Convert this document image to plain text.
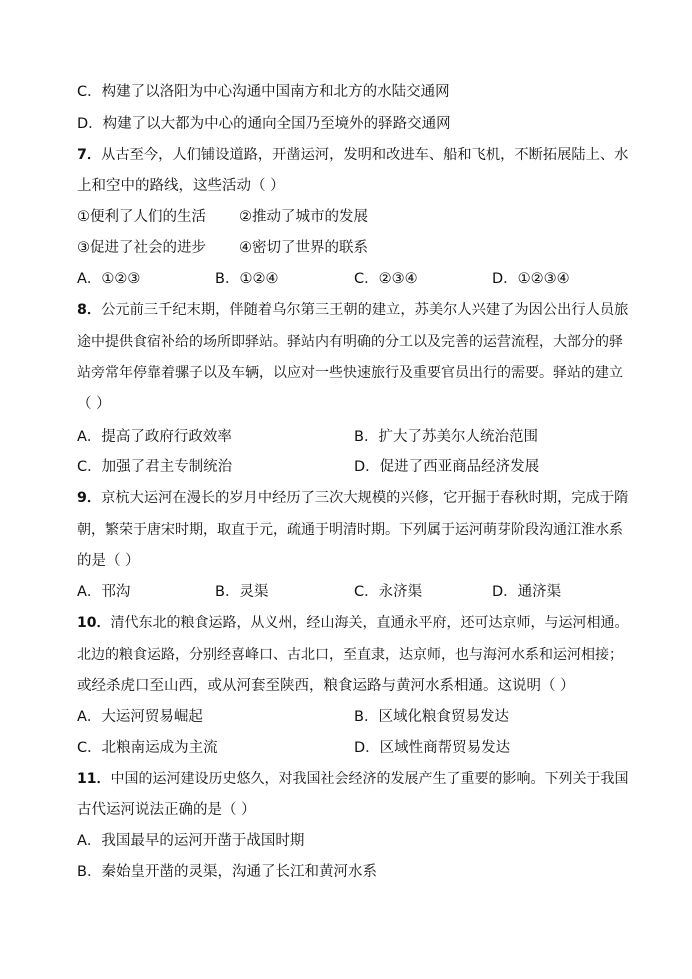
C．构建了以洛阳为中心沟通中国南方和北方的水陆交通网
D．构建了以大都为中心的通向全国乃至境外的驿路交通网
7．从古至今，人们铺设道路，开凿运河，发明和改进车、船和飞机，不断拓展陆上、水
上和空中的路线，这些活动（ ）
①便利了人们的生活 ②推动了城市的发展
③促进了社会的进步 ④密切了世界的联系
A．①②③	B．①②④	C．②③④	D．①②③④
8．公元前三千纪末期，伴随着乌尔第三王朝的建立，苏美尔人兴建了为因公出行人员旅
途中提供食宿补给的场所即驿站。驿站内有明确的分工以及完善的运营流程，大部分的驿
站旁常年停靠着骡子以及车辆，以应对一些快速旅行及重要官员出行的需要。驿站的建立
（ ）
A．提高了政府行政效率	B．扩大了苏美尔人统治范围
C．加强了君主专制统治	D．促进了西亚商品经济发展
9．京杭大运河在漫长的岁月中经历了三次大规模的兴修，它开掘于春秋时期，完成于隋
朝，繁荣于唐宋时期，取直于元，疏通于明清时期。下列属于运河萌芽阶段沟通江淮水系
的是（ ）
A．邗沟	B．灵渠	C．永济渠	D．通济渠
10．清代东北的粮食运路，从义州，经山海关，直通永平府，还可达京师，与运河相通。
北边的粮食运路，分别经喜峰口、古北口，至直隶，达京师，也与海河水系和运河相接；
或经杀虎口至山西，或从河套至陕西，粮食运路与黄河水系相通。这说明（ ）
A．大运河贸易崛起	B．区域化粮食贸易发达
C．北粮南运成为主流	D．区域性商帮贸易发达
11．中国的运河建设历史悠久，对我国社会经济的发展产生了重要的影响。下列关于我国
古代运河说法正确的是（ ）
A．我国最早的运河开凿于战国时期
B．秦始皇开凿的灵渠，沟通了长江和黄河水系
